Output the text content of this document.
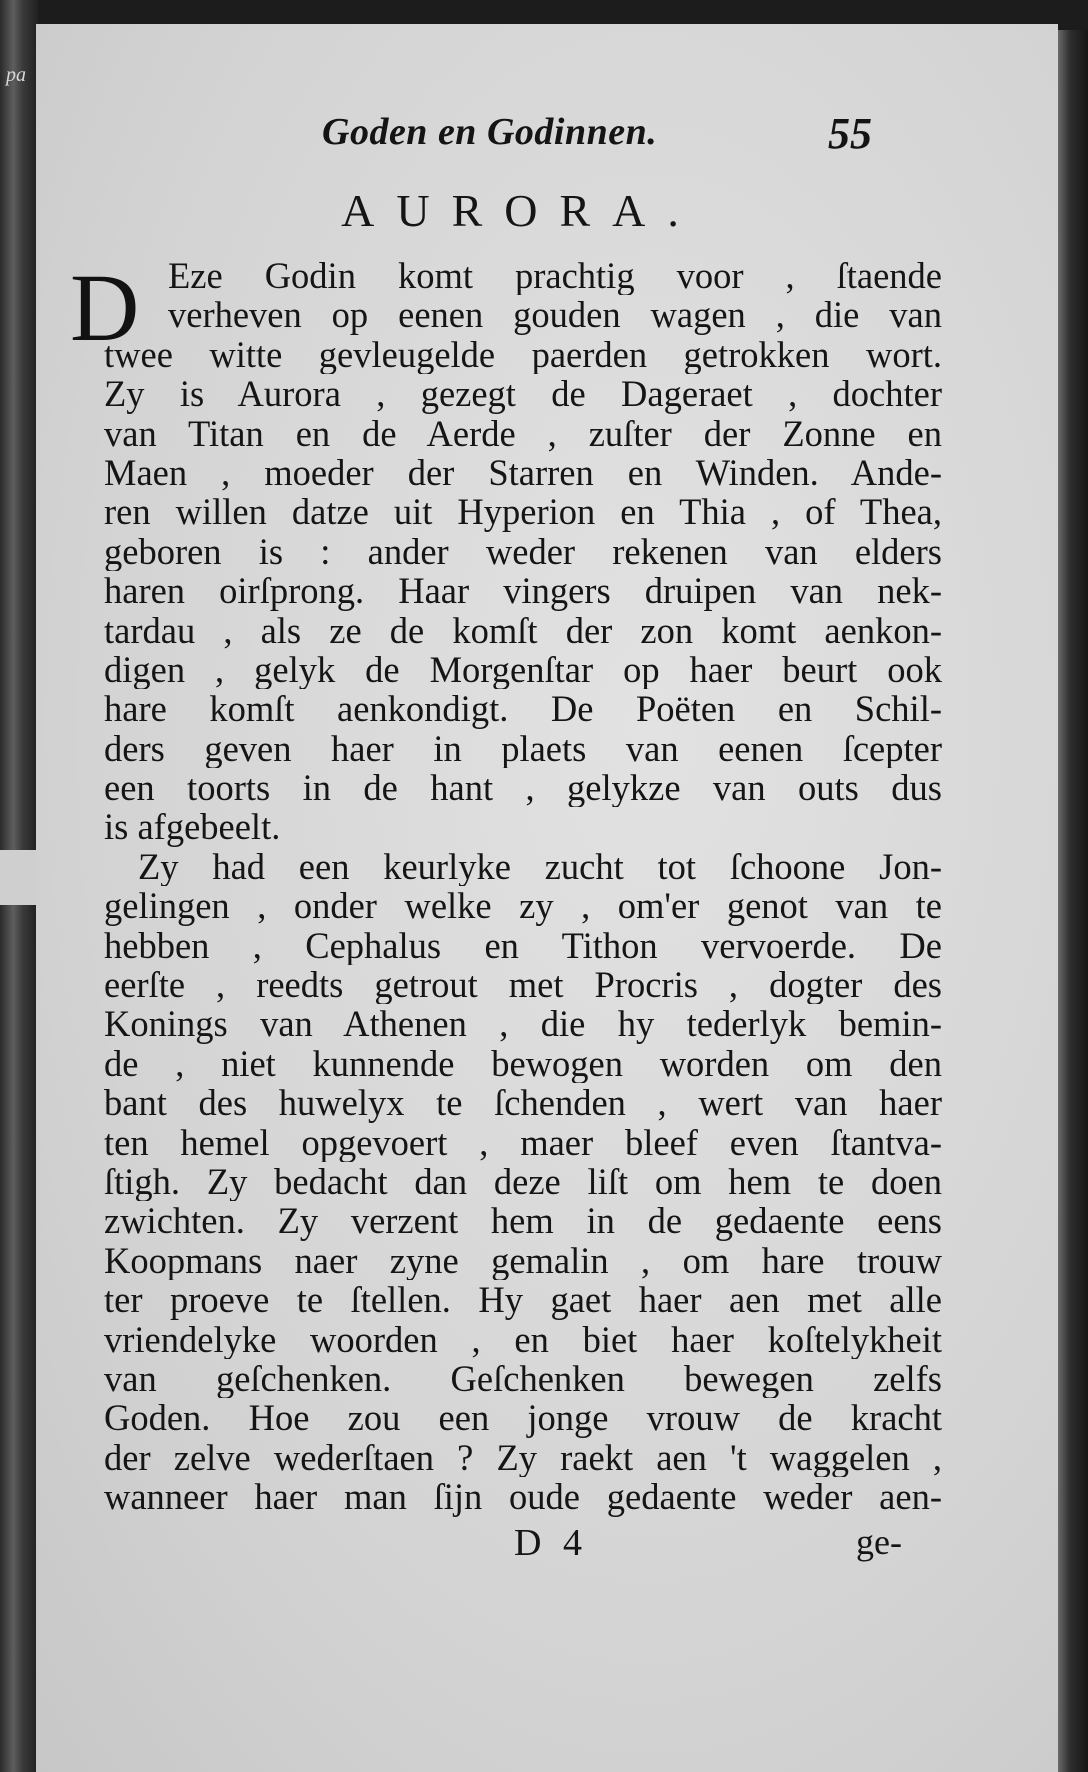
pa
Goden en Godinnen.	55
AURORA.
D Eze Godin komt prachtig voor , ſtaende
verheven op eenen gouden wagen , die van
twee witte gevleugelde paerden getrokken wort.
Zy is Aurora , gezegt de Dageraet , dochter
van Titan en de Aerde , zuſter der Zonne en
Maen , moeder der Starren en Winden. Ande-
ren willen datze uit Hyperion en Thia , of Thea,
geboren is : ander weder rekenen van elders
haren oirſprong. Haar vingers druipen van nek-
tardau , als ze de komſt der zon komt aenkon-
digen , gelyk de Morgenſtar op haer beurt ook
hare komſt aenkondigt. De Poëten en Schil-
ders geven haer in plaets van eenen ſcepter
een toorts in de hant , gelykze van outs dus
is afgebeelt.
Zy had een keurlyke zucht tot ſchoone Jon-
gelingen , onder welke zy , om'er genot van te
hebben , Cephalus en Tithon vervoerde. De
eerſte , reedts getrout met Procris , dogter des
Konings van Athenen , die hy tederlyk bemin-
de , niet kunnende bewogen worden om den
bant des huwelyx te ſchenden , wert van haer
ten hemel opgevoert , maer bleef even ſtantva-
ſtigh. Zy bedacht dan deze liſt om hem te doen
zwichten. Zy verzent hem in de gedaente eens
Koopmans naer zyne gemalin , om hare trouw
ter proeve te ſtellen. Hy gaet haer aen met alle
vriendelyke woorden , en biet haer koſtelykheit
van geſchenken. Geſchenken bewegen zelfs
Goden. Hoe zou een jonge vrouw de kracht
der zelve wederſtaen ? Zy raekt aen 't waggelen ,
wanneer haer man ſijn oude gedaente weder aen-
D 4	ge-
